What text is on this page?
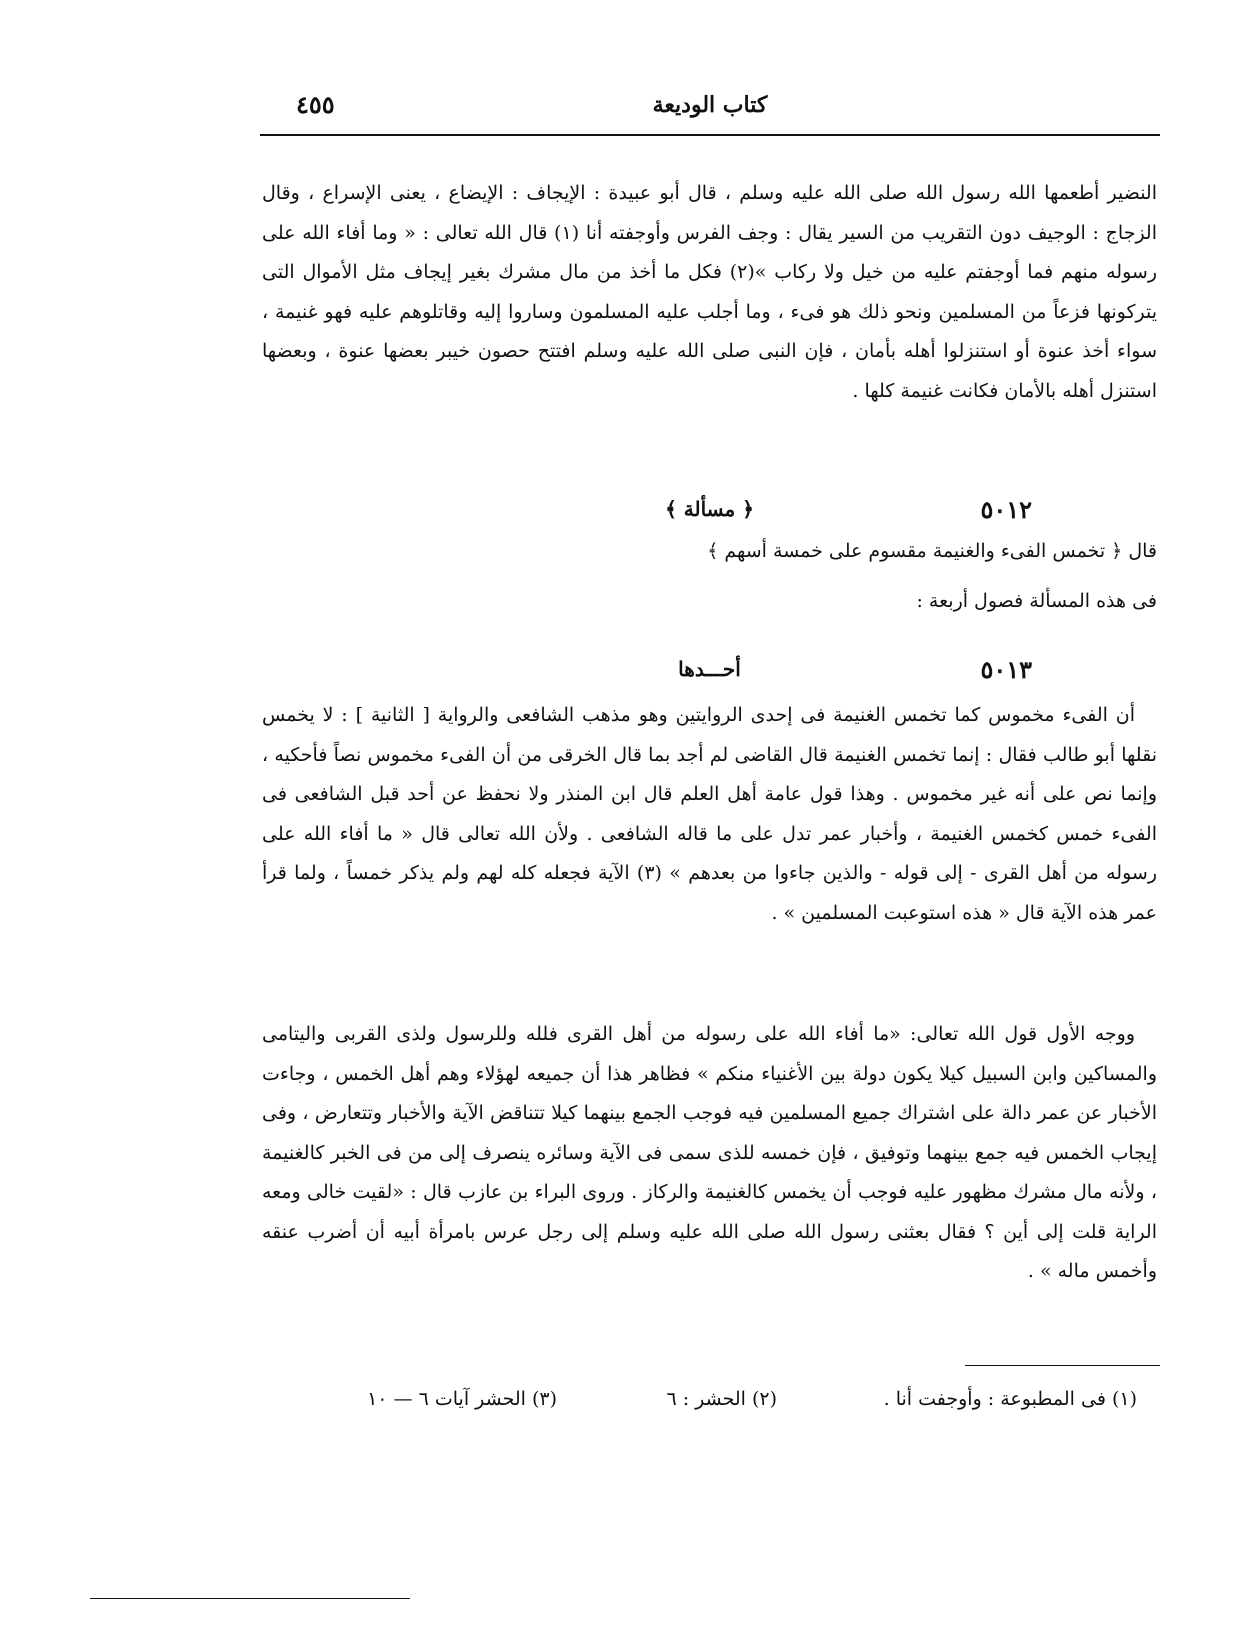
كتاب الوديعة
٤٥٥

النضير أطعمها الله رسول الله صلى الله عليه وسلم ، قال أبو عبيدة : الإيجاف : الإيضاع ، يعنى الإسراع ، وقال الزجاج : الوجيف دون التقريب من السير يقال : وجف الفرس وأوجفته أنا (١) قال الله تعالى : « وما أفاء الله على رسوله منهم فما أوجفتم عليه من خيل ولا ركاب »(٢) فكل ما أخذ من مال مشرك بغير إيجاف مثل الأموال التى يتركونها فزعاً من المسلمين ونحو ذلك هو فىء ، وما أجلب عليه المسلمون وساروا إليه وقاتلوهم عليه فهو غنيمة ، سواء أخذ عنوة أو استنزلوا أهله بأمان ، فإن النبى صلى الله عليه وسلم افتتح حصون خيبر بعضها عنوة ، وبعضها استنزل أهله بالأمان فكانت غنيمة كلها .

٥٠١٢
﴿ مسألة ﴾
قال ﴿ تخمس الفىء والغنيمة مقسوم على خمسة أسهم ﴾
فى هذه المسألة فصول أربعة :
٥٠١٣
أحـــدها

أن الفىء مخموس كما تخمس الغنيمة فى إحدى الروايتين وهو مذهب الشافعى والرواية [ الثانية ] : لا يخمس نقلها أبو طالب فقال : إنما تخمس الغنيمة قال القاضى لم أجد بما قال الخرقى من أن الفىء مخموس نصاً فأحكيه ، وإنما نص على أنه غير مخموس . وهذا قول عامة أهل العلم قال ابن المنذر ولا نحفظ عن أحد قبل الشافعى فى الفىء خمس كخمس الغنيمة ، وأخبار عمر تدل على ما قاله الشافعى . ولأن الله تعالى قال « ما أفاء الله على رسوله من أهل القرى - إلى قوله - والذين جاءوا من بعدهم » (٣) الآية فجعله كله لهم ولم يذكر خمساً ، ولما قرأ عمر هذه الآية قال « هذه استوعبت المسلمين » .

ووجه الأول قول الله تعالى: «ما أفاء الله على رسوله من أهل القرى فلله وللرسول ولذى القربى واليتامى والمساكين وابن السبيل كيلا يكون دولة بين الأغنياء منكم » فظاهر هذا أن جميعه لهؤلاء وهم أهل الخمس ، وجاءت الأخبار عن عمر دالة على اشتراك جميع المسلمين فيه فوجب الجمع بينهما كيلا تتناقض الآية والأخبار وتتعارض ، وفى إيجاب الخمس فيه جمع بينهما وتوفيق ، فإن خمسه للذى سمى فى الآية وسائره ينصرف إلى من فى الخبر كالغنيمة ، ولأنه مال مشرك مظهور عليه فوجب أن يخمس كالغنيمة والركاز . وروى البراء بن عازب قال : «لقيت خالى ومعه الراية قلت إلى أين ؟ فقال بعثنى رسول الله صلى الله عليه وسلم إلى رجل عرس بامرأة أبيه أن أضرب عنقه وأخمس ماله » .

(١) فى المطبوعة : وأوجفت أنا .
(٢) الحشر : ٦
(٣) الحشر آيات ٦ — ١٠
